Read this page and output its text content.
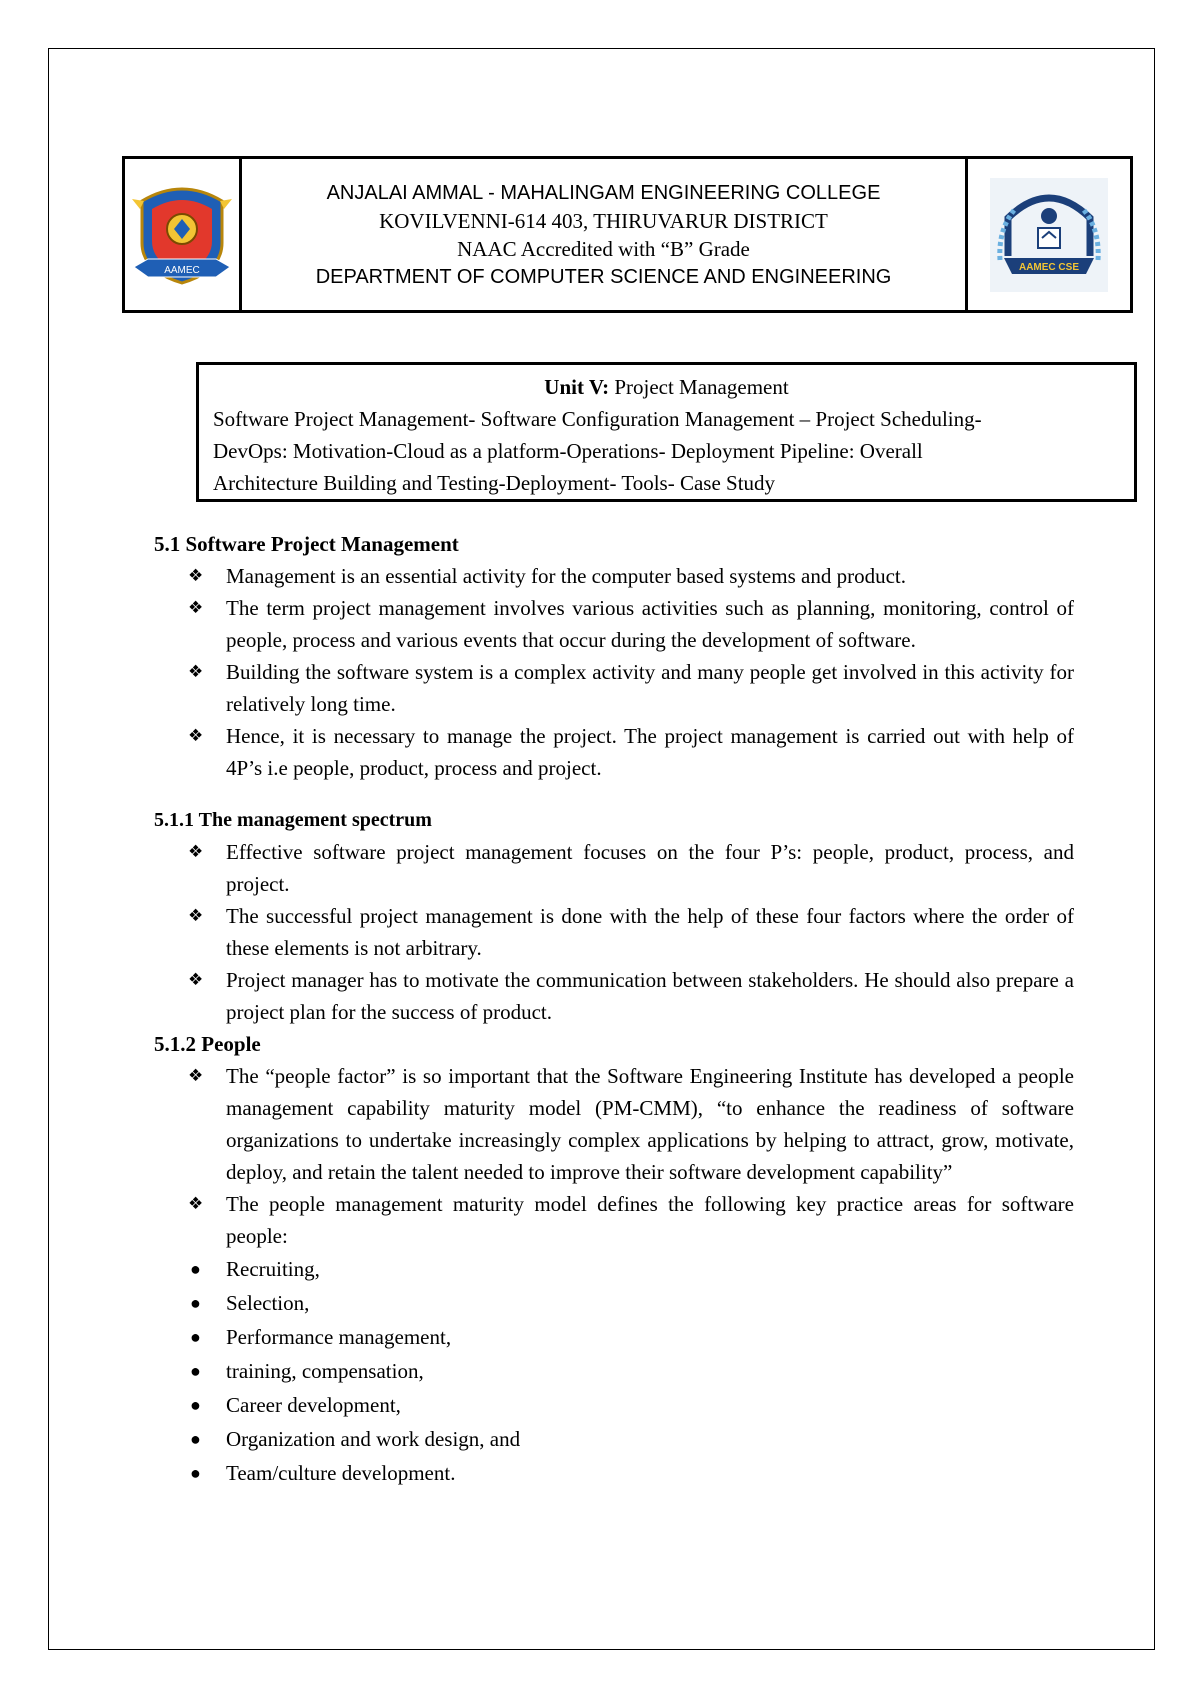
AAMEC
ANJALAI AMMAL - MAHALINGAM ENGINEERING COLLEGE
KOVILVENNI-614 403, THIRUVARUR DISTRICT
NAAC Accredited with “B” Grade
DEPARTMENT OF COMPUTER SCIENCE AND ENGINEERING	AAMEC CSE
Unit V: Project Management
Software Project Management- Software Configuration Management – Project Scheduling-
DevOps: Motivation-Cloud as a platform-Operations- Deployment Pipeline: Overall
Architecture Building and Testing-Deployment- Tools- Case Study

5.1 Software Project Management

❖ Management is an essential activity for the computer based systems and product.
❖ The term project management involves various activities such as planning, monitoring, control of people, process and various events that occur during the development of software.
❖ Building the software system is a complex activity and many people get involved in this activity for relatively long time.
❖ Hence, it is necessary to manage the project. The project management is carried out with help of 4P’s i.e people, product, process and project.

5.1.1 The management spectrum

❖ Effective software project management focuses on the four P’s: people, product, process, and project.
❖ The successful project management is done with the help of these four factors where the order of these elements is not arbitrary.
❖ Project manager has to motivate the communication between stakeholders. He should also prepare a project plan for the success of product.

5.1.2 People

❖ The “people factor” is so important that the Software Engineering Institute has developed a people management capability maturity model (PM-CMM), “to enhance the readiness of software organizations to undertake increasingly complex applications by helping to attract, grow, motivate, deploy, and retain the talent needed to improve their software development capability”
❖ The people management maturity model defines the following key practice areas for software people:
● Recruiting,
● Selection,
● Performance management,
● training, compensation,
● Career development,
● Organization and work design, and
● Team/culture development.
